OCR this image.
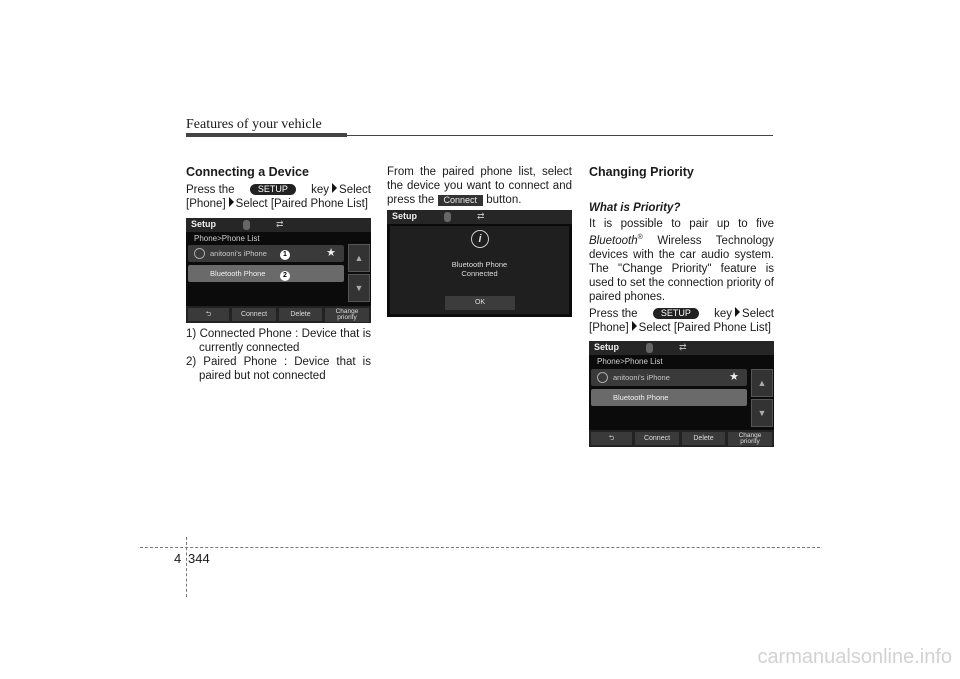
Features of your vehicle
Connecting a Device
Press the	SETUP	key Select
[Phone] Select [Paired Phone List]
Setup	⇄
Phone>Phone List
anitooni's iPhone	★
Bluetooth Phone
1
2
▲
▼
⮌	Connect	Delete	Change
priority
1) Connected Phone : Device that is currently connected
2) Paired Phone : Device that is paired but not connected
From the paired phone list, select the device you want to connect and press the Connect button.
Setup	⇄
i
Bluetooth Phone
Connected
OK
Changing Priority
What is Priority?
It is possible to pair up to five Bluetooth® Wireless Technology devices with the car audio system. The "Change Priority" feature is used to set the connection priority of paired phones.
Press the	SETUP	key Select
[Phone] Select [Paired Phone List]
Setup	⇄
Phone>Phone List
anitooni's iPhone	★
Bluetooth Phone
▲
▼
⮌	Connect	Delete	Change
priority
4 344
carmanualsonline.info
